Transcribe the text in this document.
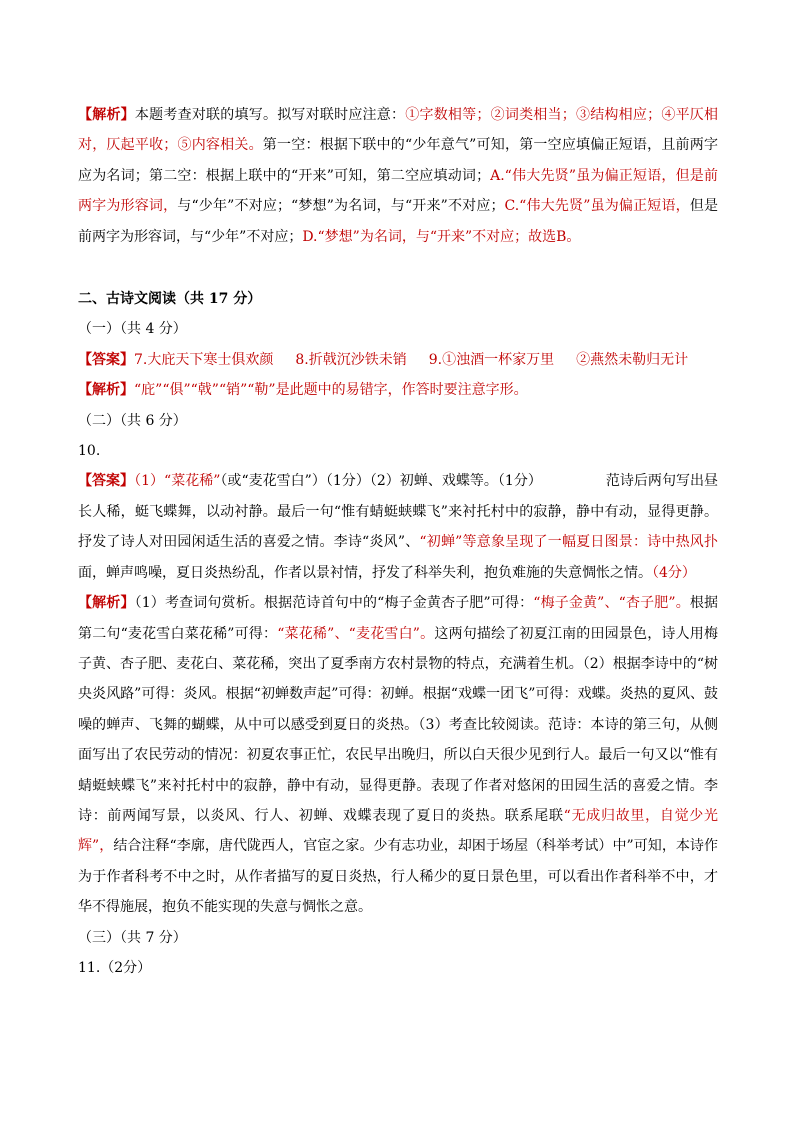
【解析】本题考查对联的填写。拟写对联时应注意：①字数相等；②词类相当；③结构相应；④平仄相对，仄起平收；⑤内容相关。第一空：根据下联中的“少年意气”可知，第一空应填偏正短语，且前两字应为名词；第二空：根据上联中的“开来”可知，第二空应填动词；A.“伟大先贤”虽为偏正短语，但是前两字为形容词，与“少年”不对应；“梦想”为名词，与“开来”不对应；C.“伟大先贤”虽为偏正短语，但是前两字为形容词，与“少年”不对应；D.“梦想”为名词，与“开来”不对应；故选B。

二、古诗文阅读（共 17 分）

（一）（共 4 分）

【答案】7.大庇天下寒士俱欢颜 8.折戟沉沙铁未销 9.①浊酒一杯家万里 ②燕然未勒归无计

【解析】“庇”“俱”“戟”“销”“勒”是此题中的易错字，作答时要注意字形。

（二）（共 6 分）

10.

【答案】（1）“菜花稀”（或“麦花雪白”）（1分）（2）初蝉、戏蝶等。（1分）	范诗后两句写出昼长人稀，蜓飞蝶舞，以动衬静。最后一句“惟有蜻蜓蛱蝶飞”来衬托村中的寂静，静中有动，显得更静。抒发了诗人对田园闲适生活的喜爱之情。李诗“炎风”、“初蝉”等意象呈现了一幅夏日图景：诗中热风扑面，蝉声鸣噪，夏日炎热纷乱，作者以景衬情，抒发了科举失利，抱负难施的失意惆怅之情。（4分）

【解析】（1）考查词句赏析。根据范诗首句中的“梅子金黄杏子肥”可得：“梅子金黄”、“杏子肥”。根据第二句“麦花雪白菜花稀”可得：“菜花稀”、“麦花雪白”。这两句描绘了初夏江南的田园景色，诗人用梅子黄、杏子肥、麦花白、菜花稀，突出了夏季南方农村景物的特点，充满着生机。（2）根据李诗中的“树央炎风路”可得：炎风。根据“初蝉数声起”可得：初蝉。根据“戏蝶一团飞”可得：戏蝶。炎热的夏风、鼓噪的蝉声、飞舞的蝴蝶，从中可以感受到夏日的炎热。（3）考查比较阅读。范诗：本诗的第三句，从侧面写出了农民劳动的情况：初夏农事正忙，农民早出晚归，所以白天很少见到行人。最后一句又以“惟有蜻蜓蛱蝶飞”来衬托村中的寂静，静中有动，显得更静。表现了作者对悠闲的田园生活的喜爱之情。李诗：前两闻写景，以炎风、行人、初蝉、戏蝶表现了夏日的炎热。联系尾联“无成归故里，自觉少光辉”，结合注释“李廓，唐代陇西人，官宦之家。少有志功业，却困于场屋（科举考试）中”可知，本诗作为于作者科考不中之时，从作者描写的夏日炎热，行人稀少的夏日景色里，可以看出作者科举不中，才华不得施展，抱负不能实现的失意与惆怅之意。

（三）（共 7 分）

11.（2分）
